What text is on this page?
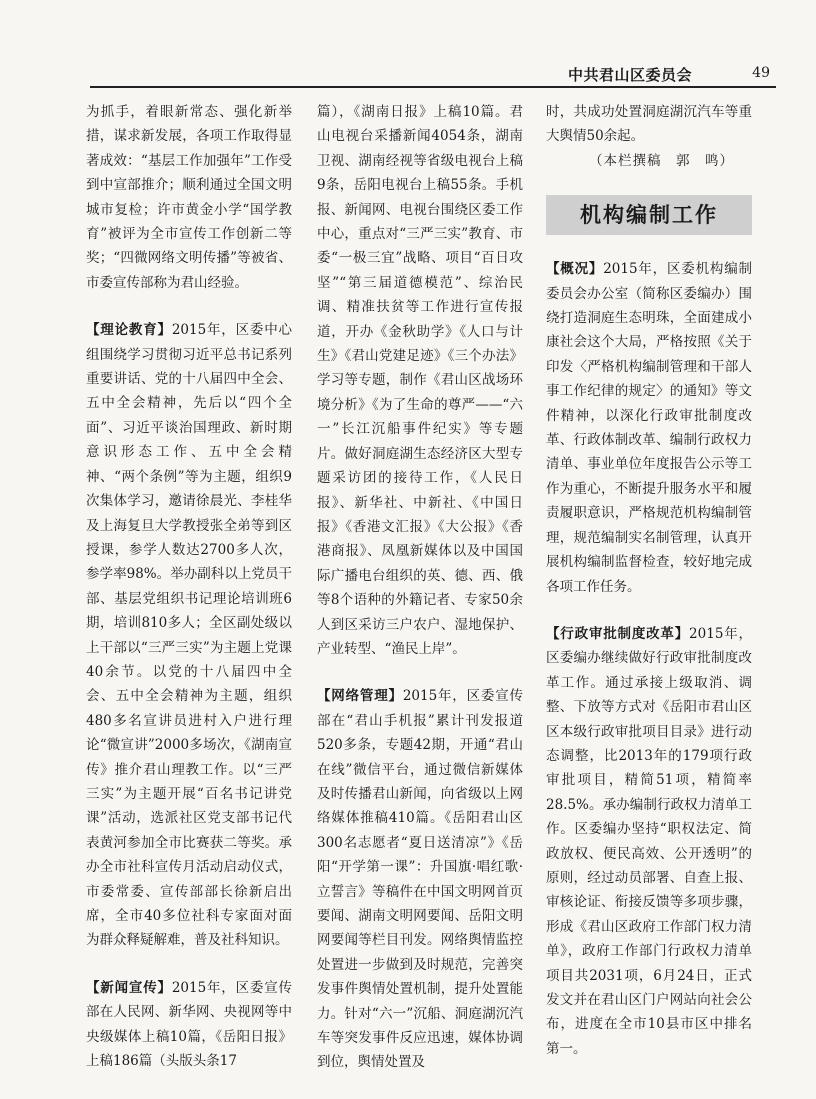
中共君山区委员会	49

为抓手，着眼新常态、强化新举措，谋求新发展，各项工作取得显著成效：“基层工作加强年”工作受到中宣部推介；顺利通过全国文明城市复检；许市黄金小学“国学教育”被评为全市宣传工作创新二等奖；“四微网络文明传播”等被省、市委宣传部称为君山经验。

【理论教育】2015年，区委中心组围绕学习贯彻习近平总书记系列重要讲话、党的十八届四中全会、五中全会精神，先后以“四个全面”、习近平谈治国理政、新时期意识形态工作、五中全会精神、“两个条例”等为主题，组织9次集体学习，邀请徐晨光、李桂华及上海复旦大学教授张全弟等到区授课，参学人数达2700多人次，参学率98%。举办副科以上党员干部、基层党组织书记理论培训班6期，培训810多人；全区副处级以上干部以“三严三实”为主题上党课40余节。以党的十八届四中全会、五中全会精神为主题，组织480多名宣讲员进村入户进行理论“微宣讲”2000多场次，《湖南宣传》推介君山理教工作。以“三严三实”为主题开展“百名书记讲党课”活动，选派社区党支部书记代表黄河参加全市比赛获二等奖。承办全市社科宣传月活动启动仪式，市委常委、宣传部部长徐新启出席，全市40多位社科专家面对面为群众释疑解难，普及社科知识。

【新闻宣传】2015年，区委宣传部在人民网、新华网、央视网等中央级媒体上稿10篇，《岳阳日报》上稿186篇（头版头条17

篇），《湖南日报》上稿10篇。君山电视台采播新闻4054条，湖南卫视、湖南经视等省级电视台上稿9条，岳阳电视台上稿55条。手机报、新闻网、电视台围绕区委工作中心，重点对“三严三实”教育、市委“一极三宜”战略、项目“百日攻坚”“第三届道德模范”、综治民调、精准扶贫等工作进行宣传报道，开办《金秋助学》《人口与计生》《君山党建足迹》《三个办法》学习等专题，制作《君山区战场环境分析》《为了生命的尊严——“六一”长江沉船事件纪实》等专题片。做好洞庭湖生态经济区大型专题采访团的接待工作，《人民日报》、新华社、中新社、《中国日报》《香港文汇报》《大公报》《香港商报》、凤凰新媒体以及中国国际广播电台组织的英、德、西、俄等8个语种的外籍记者、专家50余人到区采访三户农户、湿地保护、产业转型、“渔民上岸”。

【网络管理】2015年，区委宣传部在“君山手机报”累计刊发报道520多条，专题42期，开通“君山在线”微信平台，通过微信新媒体及时传播君山新闻，向省级以上网络媒体推稿410篇。《岳阳君山区300名志愿者“夏日送清凉”》《岳阳“开学第一课”：升国旗·唱红歌·立誓言》等稿件在中国文明网首页要闻、湖南文明网要闻、岳阳文明网要闻等栏目刊发。网络舆情监控处置进一步做到及时规范，完善突发事件舆情处置机制，提升处置能力。针对“六一”沉船、洞庭湖沉汽车等突发事件反应迅速，媒体协调到位，舆情处置及

时，共成功处置洞庭湖沉汽车等重大舆情50余起。

（本栏撰稿　郭　鸣）

机构编制工作

【概况】2015年，区委机构编制委员会办公室（简称区委编办）围绕打造洞庭生态明珠，全面建成小康社会这个大局，严格按照《关于印发〈严格机构编制管理和干部人事工作纪律的规定〉的通知》等文件精神，以深化行政审批制度改革、行政体制改革、编制行政权力清单、事业单位年度报告公示等工作为重心，不断提升服务水平和履责履职意识，严格规范机构编制管理，规范编制实名制管理，认真开展机构编制监督检查，较好地完成各项工作任务。

【行政审批制度改革】2015年，区委编办继续做好行政审批制度改革工作。通过承接上级取消、调整、下放等方式对《岳阳市君山区区本级行政审批项目目录》进行动态调整，比2013年的179项行政审批项目，精简51项，精简率28.5%。承办编制行政权力清单工作。区委编办坚持“职权法定、简政放权、便民高效、公开透明”的原则，经过动员部署、自查上报、审核论证、衔接反馈等多项步骤，形成《君山区政府工作部门权力清单》，政府工作部门行政权力清单项目共2031项，6月24日，正式发文并在君山区门户网站向社会公布，进度在全市10县市区中排名第一。
